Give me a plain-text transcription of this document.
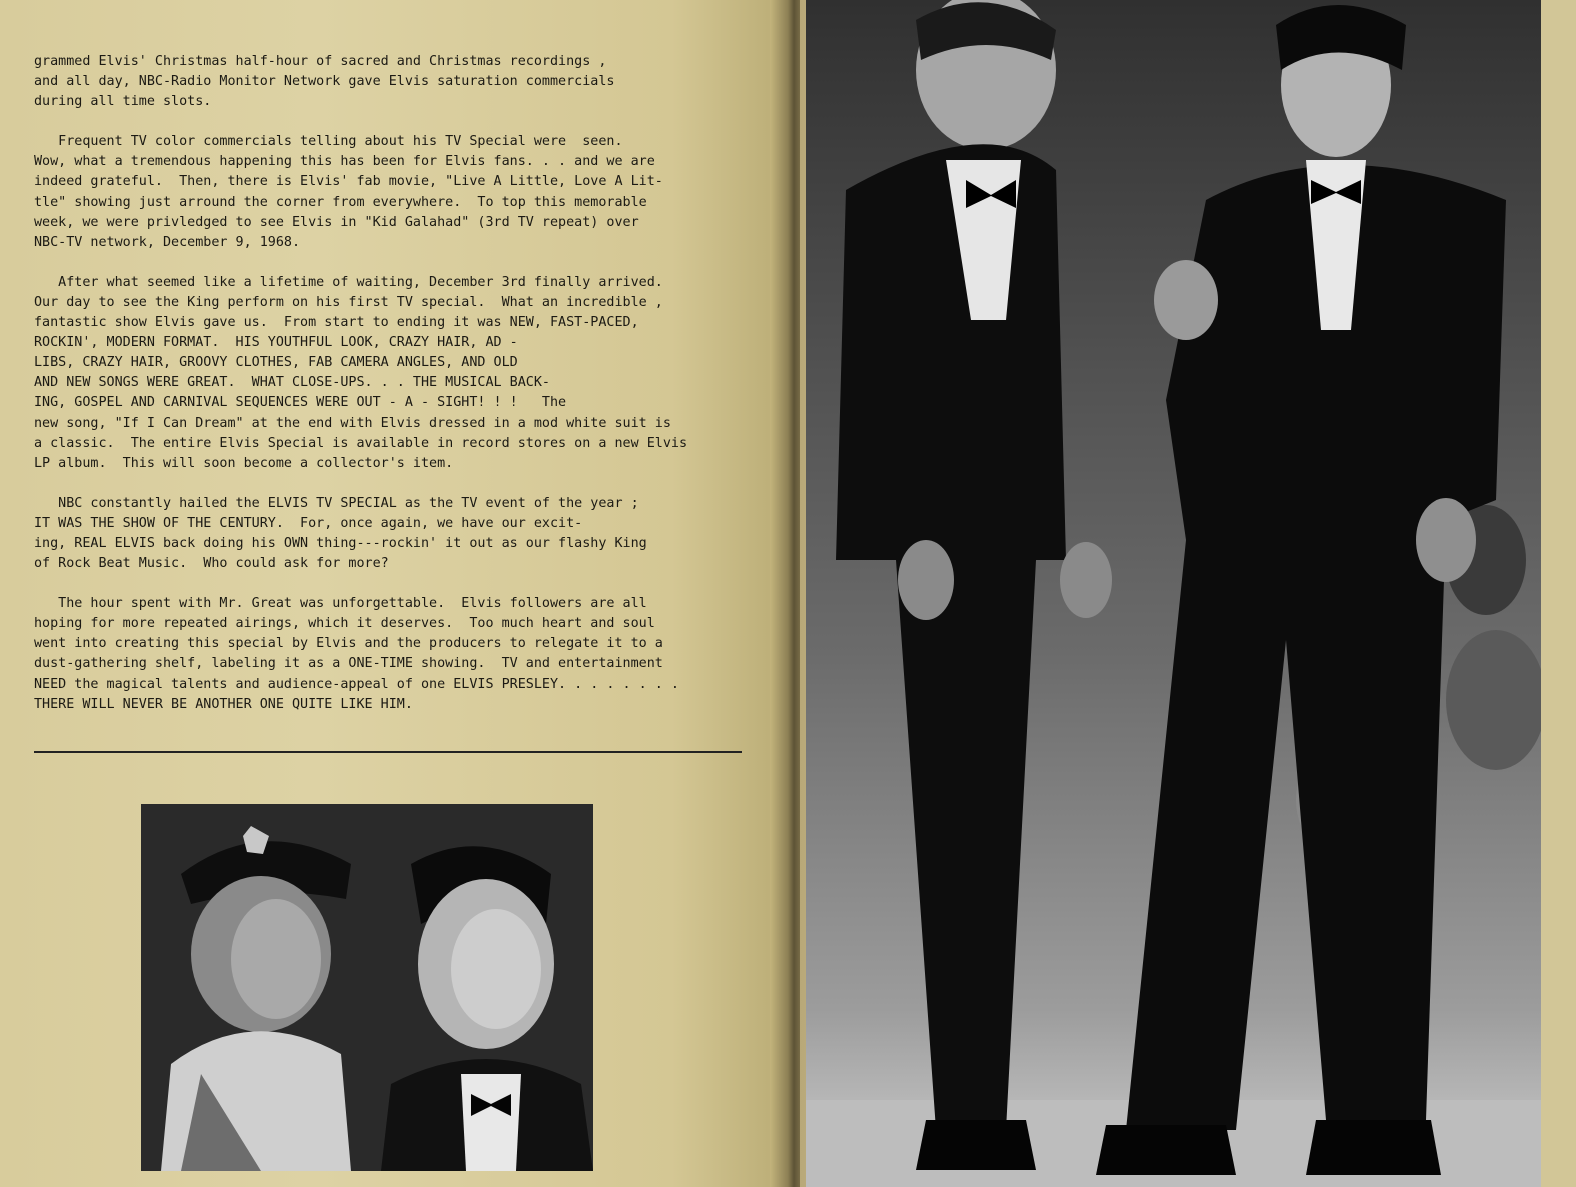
grammed Elvis' Christmas half-hour of sacred and Christmas recordings ,
and all day, NBC-Radio Monitor Network gave Elvis saturation commercials
during all time slots.
Frequent TV color commercials telling about his TV Special were  seen.
Wow, what a tremendous happening this has been for Elvis fans. . . and we are
indeed grateful.  Then, there is Elvis' fab movie, "Live A Little, Love A Lit-
tle" showing just arround the corner from everywhere.  To top this memorable
week, we were privledged to see Elvis in "Kid Galahad" (3rd TV repeat) over
NBC-TV network, December 9, 1968.
After what seemed like a lifetime of waiting, December 3rd finally arrived.
Our day to see the King perform on his first TV special.  What an incredible ,
fantastic show Elvis gave us.  From start to ending it was NEW, FAST-PACED,
ROCKIN', MODERN FORMAT.  HIS YOUTHFUL LOOK, CRAZY HAIR, AD -
LIBS, CRAZY HAIR, GROOVY CLOTHES, FAB CAMERA ANGLES, AND OLD
AND NEW SONGS WERE GREAT.  WHAT CLOSE-UPS. . . THE MUSICAL BACK-
ING, GOSPEL AND CARNIVAL SEQUENCES WERE OUT - A - SIGHT! ! !   The
new song, "If I Can Dream" at the end with Elvis dressed in a mod white suit is
a classic.  The entire Elvis Special is available in record stores on a new Elvis
LP album.  This will soon become a collector's item.
NBC constantly hailed the ELVIS TV SPECIAL as the TV event of the year ;
IT WAS THE SHOW OF THE CENTURY.  For, once again, we have our excit-
ing, REAL ELVIS back doing his OWN thing---rockin' it out as our flashy King
of Rock Beat Music.  Who could ask for more?
The hour spent with Mr. Great was unforgettable.  Elvis followers are all
hoping for more repeated airings, which it deserves.  Too much heart and soul
went into creating this special by Elvis and the producers to relegate it to a
dust-gathering shelf, labeling it as a ONE-TIME showing.  TV and entertainment
NEED the magical talents and audience-appeal of one ELVIS PRESLEY. . . . . . . .
THERE WILL NEVER BE ANOTHER ONE QUITE LIKE HIM.
